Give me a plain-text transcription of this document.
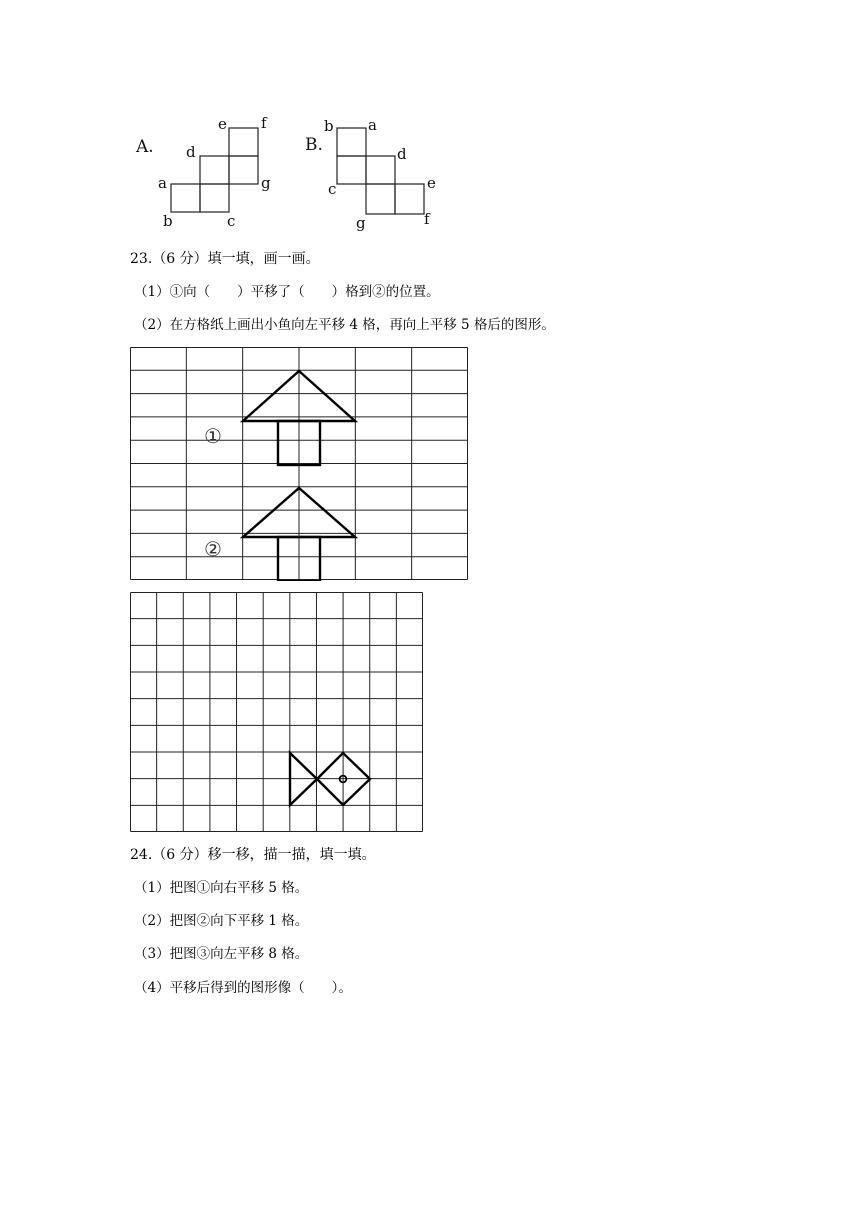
A.
a
b	c
d
e f
g
B.
b a
d
c	e
g	f
23.（6 分）填一填，画一画。
（1）①向（　　）平移了（　　）格到②的位置。
（2）在方格纸上画出小鱼向左平移 4 格，再向上平移 5 格后的图形。
①
②
24.（6 分）移一移，描一描，填一填。
（1）把图①向右平移 5 格。
（2）把图②向下平移 1 格。
（3）把图③向左平移 8 格。
（4）平移后得到的图形像（　　）。
